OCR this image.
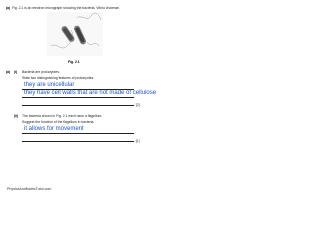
(a) Fig. 2.1 is an electron micrograph showing the bacteria, Vibrio cholerae.
Fig. 2.1
(a) (i) Bacteria are prokaryotes.
State two distinguishing features of prokaryotes.
they are unicellular
they have cell walls that are not made of cellulose
[2]
(ii) The bacteria shown in Fig. 2.1 each have a flagellum.
Suggest the function of the flagellum in bacteria.
it allows for movement
[1]
PhysicsAndMathsTutor.com
